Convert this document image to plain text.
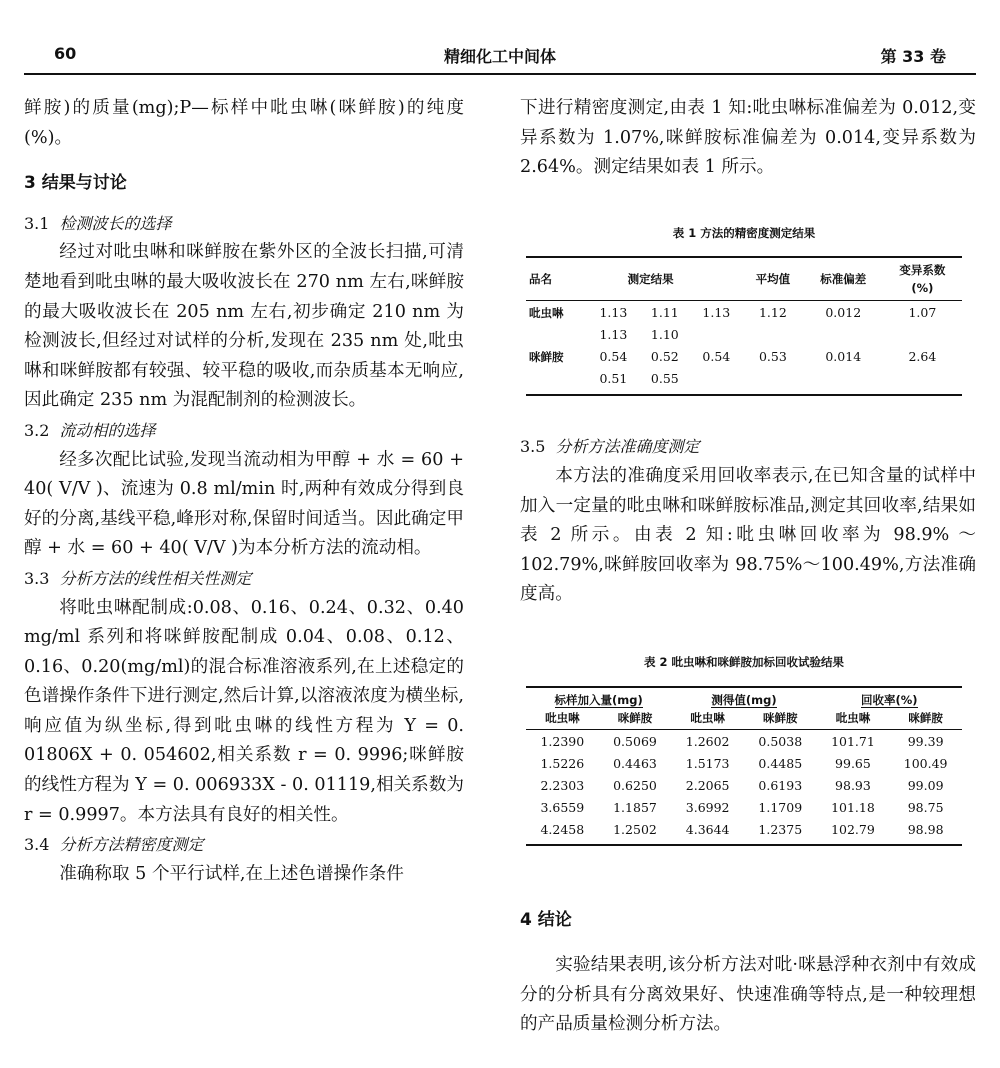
60	精细化工中间体	第 33 卷

鲜胺)的质量(mg);P—标样中吡虫啉(咪鲜胺)的纯度(%)。

3 结果与讨论

3.1 检测波长的选择

经过对吡虫啉和咪鲜胺在紫外区的全波长扫描,可清楚地看到吡虫啉的最大吸收波长在 270 nm 左右,咪鲜胺的最大吸收波长在 205 nm 左右,初步确定 210 nm 为检测波长,但经过对试样的分析,发现在 235 nm 处,吡虫啉和咪鲜胺都有较强、较平稳的吸收,而杂质基本无响应,因此确定 235 nm 为混配制剂的检测波长。

3.2 流动相的选择

经多次配比试验,发现当流动相为甲醇 + 水 = 60 + 40( V/V )、流速为 0.8 ml/min 时,两种有效成分得到良好的分离,基线平稳,峰形对称,保留时间适当。因此确定甲醇 + 水 = 60 + 40( V/V )为本分析方法的流动相。

3.3 分析方法的线性相关性测定

将吡虫啉配制成:0.08、0.16、0.24、0.32、0.40 mg/ml 系列和将咪鲜胺配制成 0.04、0.08、0.12、0.16、0.20(mg/ml)的混合标准溶液系列,在上述稳定的色谱操作条件下进行测定,然后计算,以溶液浓度为横坐标,响应值为纵坐标,得到吡虫啉的线性方程为 Y = 0. 01806X + 0. 054602,相关系数 r = 0. 9996;咪鲜胺的线性方程为 Y = 0. 006933X - 0. 01119,相关系数为 r = 0.9997。本方法具有良好的相关性。

3.4 分析方法精密度测定

准确称取 5 个平行试样,在上述色谱操作条件

下进行精密度测定,由表 1 知:吡虫啉标准偏差为 0.012,变异系数为 1.07%,咪鲜胺标准偏差为 0.014,变异系数为 2.64%。测定结果如表 1 所示。

表 1 方法的精密度测定结果
品名	测定结果			平均值	标准偏差	变异系数
(%)

吡虫啉	1.13	1.11	1.13	1.12	0.012	1.07
	1.13	1.10				
咪鲜胺	0.54	0.52	0.54	0.53	0.014	2.64
	0.51	0.55				

3.5 分析方法准确度测定

本方法的准确度采用回收率表示,在已知含量的试样中加入一定量的吡虫啉和咪鲜胺标准品,测定其回收率,结果如表 2 所示。由表 2 知:吡虫啉回收率为 98.9% ～ 102.79%,咪鲜胺回收率为 98.75%～100.49%,方法准确度高。

表 2 吡虫啉和咪鲜胺加标回收试验结果
标样加入量(mg)		测得值(mg)		回收率(%)	
吡虫啉	咪鲜胺	吡虫啉	咪鲜胺	吡虫啉	咪鲜胺
1.2390	0.5069	1.2602	0.5038	101.71	99.39
1.5226	0.4463	1.5173	0.4485	99.65	100.49
2.2303	0.6250	2.2065	0.6193	98.93	99.09
3.6559	1.1857	3.6992	1.1709	101.18	98.75
4.2458	1.2502	4.3644	1.2375	102.79	98.98

4 结论

实验结果表明,该分析方法对吡·咪悬浮种衣剂中有效成分的分析具有分离效果好、快速准确等特点,是一种较理想的产品质量检测分析方法。
